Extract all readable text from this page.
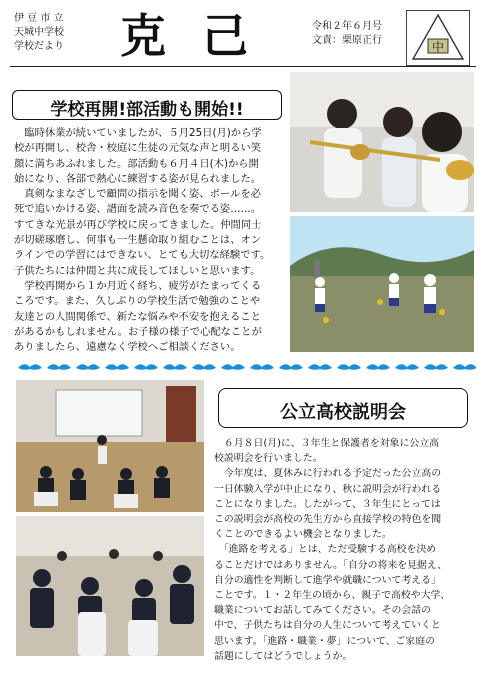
伊 豆 市 立
天城中学校
学校だより 克 己	令和２年６月号
文責：栗原正行	中
学校再開!部活動も開始!!
　臨時休業が続いていましたが、５月25日(月)から学
校が再開し、校舎・校庭に生徒の元気な声と明るい笑
顔に満ちあふれました。部活動も６月４日(木)から開
始になり、各部で熱心に練習する姿が見られました。
　真剣なまなざしで顧問の指示を聞く姿、ボールを必
死で追いかける姿、譜面を読み音色を奏でる姿……。
すてきな光景が再び学校に戻ってきました。仲間同士
が切磋琢磨し、何事も一生懸命取り組むことは、オン
ラインでの学習にはできない、とても大切な経験です。
子供たちには仲間と共に成長してほしいと思います。
　学校再開から１か月近く経ち、疲労がたまってくる
ころです。また、久しぶりの学校生活で勉強のことや
友達との人間関係で、新たな悩みや不安を抱えること
があるかもしれません。お子様の様子で心配なことが
ありましたら、遠慮なく学校へご相談ください。
公立高校説明会
　６月８日(月)に、３年生と保護者を対象に公立高
校説明会を行いました。
　今年度は、夏休みに行われる予定だった公立高の
一日体験入学が中止になり、秋に説明会が行われる
ことになりました。したがって、３年生にとっては
この説明会が高校の先生方から直接学校の特色を聞
くことのできるよい機会となりました。
　「進路を考える」とは、ただ受験する高校を決め
ることだけではありません。「自分の将来を見据え、
自分の適性を判断して進学や就職について考える」
ことです。１・２年生の頃から、親子で高校や大学、
職業についてお話してみてください。その会話の
中で、子供たちは自分の人生について考えていくと
思います。「進路・職業・夢」について、ご家庭の
話題にしてはどうでしょうか。
